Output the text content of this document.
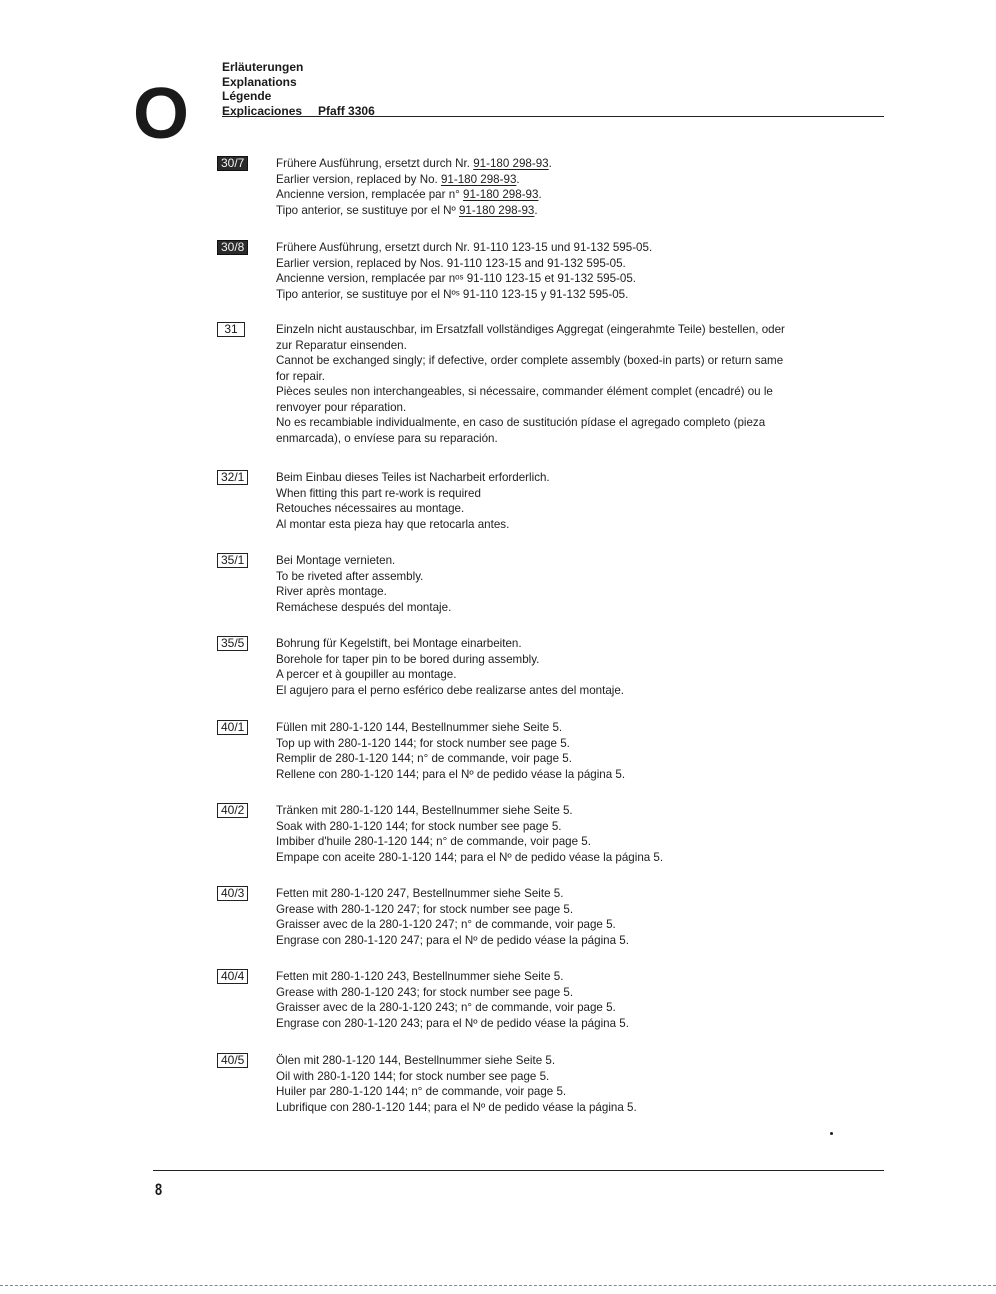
O
Erläuterungen
Explanations
Légende
Explicaciones Pfaff 3306
30/7	Frühere Ausführung, ersetzt durch Nr. 91-180 298-93.
Earlier version, replaced by No. 91-180 298-93.
Ancienne version, remplacée par n° 91-180 298-93.
Tipo anterior, se sustituye por el Nº 91-180 298-93.
30/8	Frühere Ausführung, ersetzt durch Nr. 91-110 123-15 und 91-132 595-05.
Earlier version, replaced by Nos. 91-110 123-15 and 91-132 595-05.
Ancienne version, remplacée par nᵒˢ 91-110 123-15 et 91-132 595-05.
Tipo anterior, se sustituye por el Nºˢ 91-110 123-15 y 91-132 595-05.
31	Einzeln nicht austauschbar, im Ersatzfall vollständiges Aggregat (eingerahmte Teile) bestellen, oder
zur Reparatur einsenden.
Cannot be exchanged singly; if defective, order complete assembly (boxed-in parts) or return same
for repair.
Pièces seules non interchangeables, si nécessaire, commander élément complet (encadré) ou le
renvoyer pour réparation.
No es recambiable individualmente, en caso de sustitución pídase el agregado completo (pieza
enmarcada), o envíese para su reparación.
32/1	Beim Einbau dieses Teiles ist Nacharbeit erforderlich.
When fitting this part re-work is required
Retouches nécessaires au montage.
Al montar esta pieza hay que retocarla antes.
35/1	Bei Montage vernieten.
To be riveted after assembly.
River après montage.
Remáchese después del montaje.
35/5	Bohrung für Kegelstift, bei Montage einarbeiten.
Borehole for taper pin to be bored during assembly.
A percer et à goupiller au montage.
El agujero para el perno esférico debe realizarse antes del montaje.
40/1	Füllen mit 280-1-120 144, Bestellnummer siehe Seite 5.
Top up with 280-1-120 144; for stock number see page 5.
Remplir de 280-1-120 144; n° de commande, voir page 5.
Rellene con 280-1-120 144; para el Nº de pedido véase la página 5.
40/2	Tränken mit 280-1-120 144, Bestellnummer siehe Seite 5.
Soak with 280-1-120 144; for stock number see page 5.
Imbiber d'huile 280-1-120 144; n° de commande, voir page 5.
Empape con aceite 280-1-120 144; para el Nº de pedido véase la página 5.
40/3	Fetten mit 280-1-120 247, Bestellnummer siehe Seite 5.
Grease with 280-1-120 247; for stock number see page 5.
Graisser avec de la 280-1-120 247; n° de commande, voir page 5.
Engrase con 280-1-120 247; para el Nº de pedido véase la página 5.
40/4	Fetten mit 280-1-120 243, Bestellnummer siehe Seite 5.
Grease with 280-1-120 243; for stock number see page 5.
Graisser avec de la 280-1-120 243; n° de commande, voir page 5.
Engrase con 280-1-120 243; para el Nº de pedido véase la página 5.
40/5	Ölen mit 280-1-120 144, Bestellnummer siehe Seite 5.
Oil with 280-1-120 144; for stock number see page 5.
Huiler par 280-1-120 144; n° de commande, voir page 5.
Lubrifique con 280-1-120 144; para el Nº de pedido véase la página 5.
8
